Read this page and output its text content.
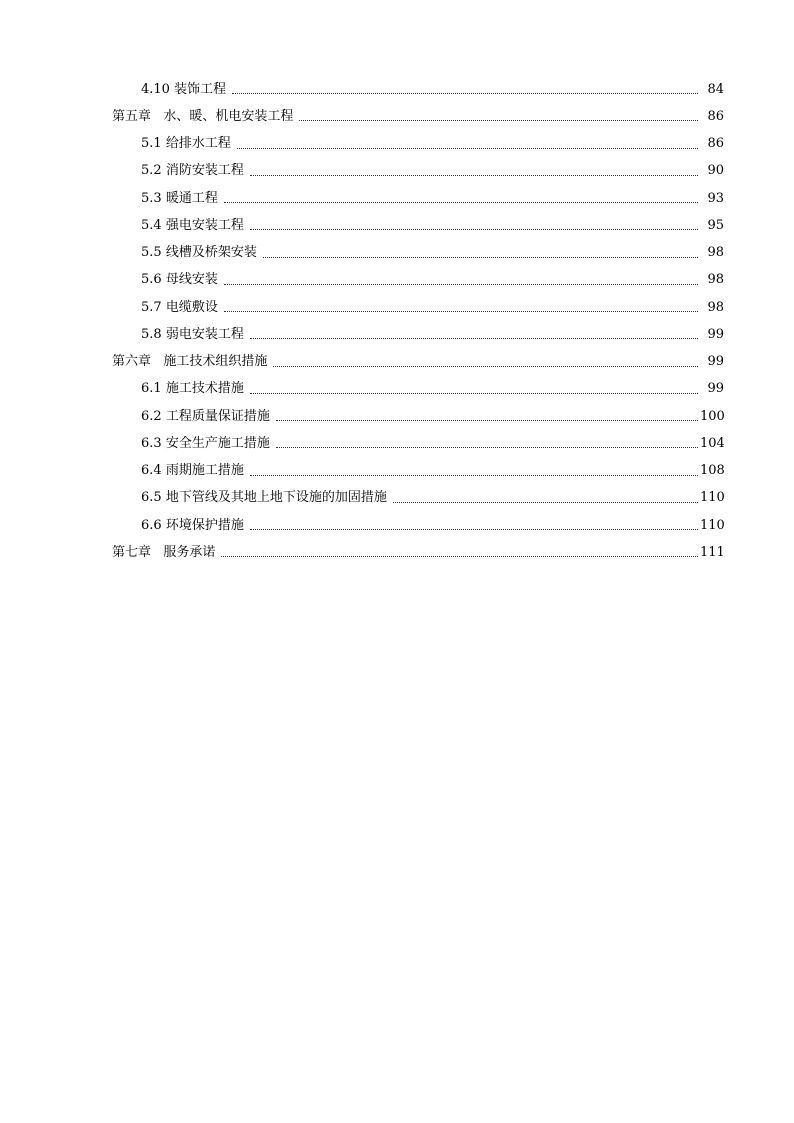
4.10 装饰工程	84
第五章 水、暖、机电安装工程	86
5.1 给排水工程	86
5.2 消防安装工程	90
5.3 暖通工程	93
5.4 强电安装工程	95
5.5 线槽及桥架安装	98
5.6 母线安装	98
5.7 电缆敷设	98
5.8 弱电安装工程	99
第六章 施工技术组织措施	99
6.1 施工技术措施	99
6.2 工程质量保证措施	100
6.3 安全生产施工措施	104
6.4 雨期施工措施	108
6.5 地下管线及其地上地下设施的加固措施	110
6.6 环境保护措施	110
第七章 服务承诺	111
